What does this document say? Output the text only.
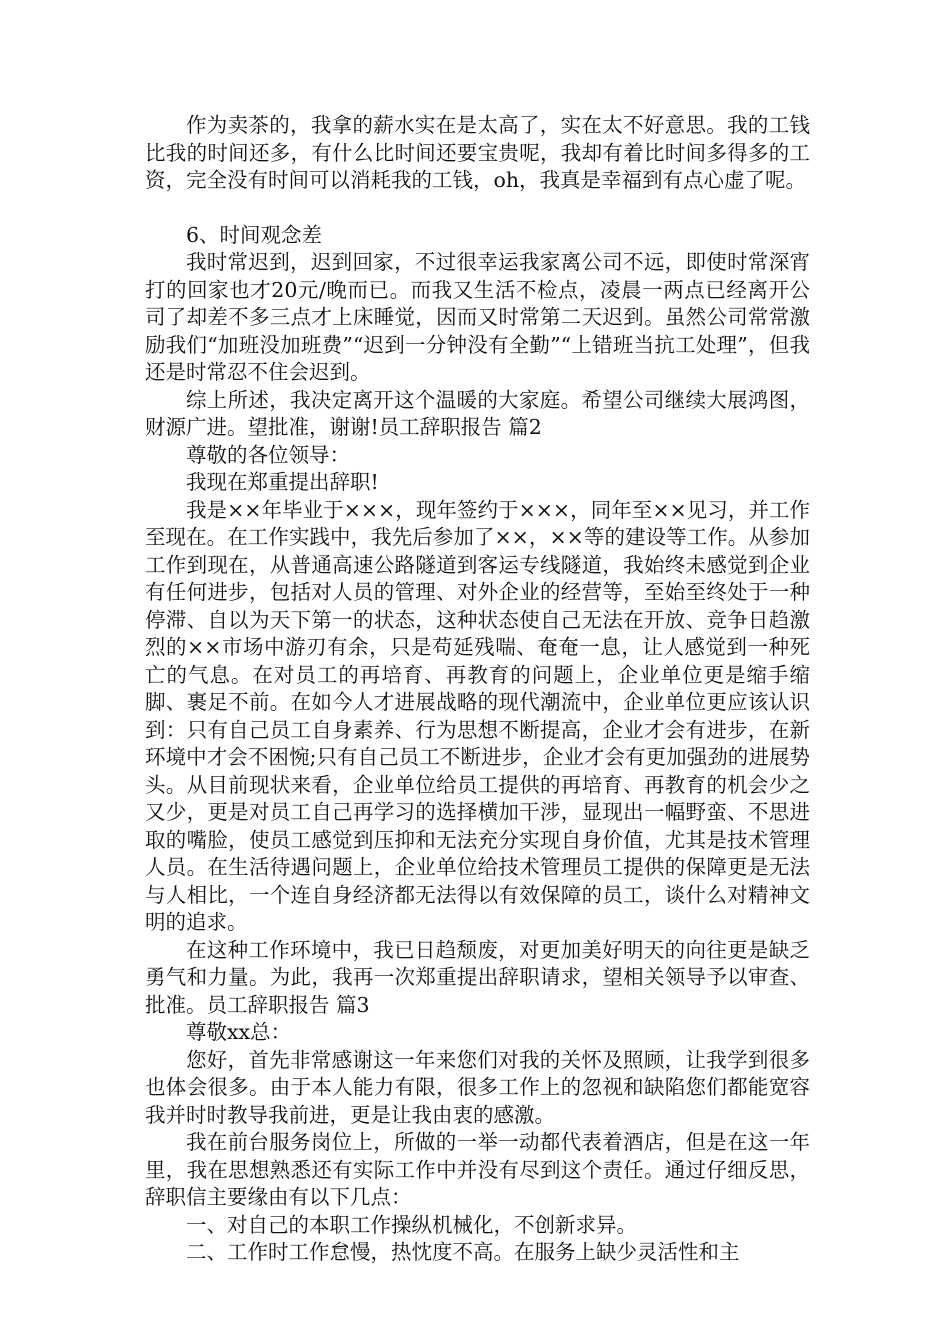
作为卖茶的，我拿的薪水实在是太高了，实在太不好意思。我的工钱比我的时间还多，有什么比时间还要宝贵呢，我却有着比时间多得多的工资，完全没有时间可以消耗我的工钱，oh，我真是幸福到有点心虚了呢。

6、时间观念差

我时常迟到，迟到回家，不过很幸运我家离公司不远，即使时常深宵打的回家也才20元/晚而已。而我又生活不检点，凌晨一两点已经离开公司了却差不多三点才上床睡觉，因而又时常第二天迟到。虽然公司常常激励我们“加班没加班费”“迟到一分钟没有全勤”“上错班当抗工处理”，但我还是时常忍不住会迟到。

综上所述，我决定离开这个温暖的大家庭。希望公司继续大展鸿图，财源广进。望批准，谢谢!员工辞职报告 篇2

尊敬的各位领导：

我现在郑重提出辞职!

我是××年毕业于×××，现年签约于×××，同年至××见习，并工作至现在。在工作实践中，我先后参加了××，××等的建设等工作。从参加工作到现在，从普通高速公路隧道到客运专线隧道，我始终未感觉到企业有任何进步，包括对人员的管理、对外企业的经营等，至始至终处于一种停滞、自以为天下第一的状态，这种状态使自己无法在开放、竞争日趋激烈的××市场中游刃有余，只是苟延残喘、奄奄一息，让人感觉到一种死亡的气息。在对员工的再培育、再教育的问题上，企业单位更是缩手缩脚、裹足不前。在如今人才进展战略的现代潮流中，企业单位更应该认识到：只有自己员工自身素养、行为思想不断提高，企业才会有进步，在新环境中才会不困惋;只有自己员工不断进步，企业才会有更加强劲的进展势头。从目前现状来看，企业单位给员工提供的再培育、再教育的机会少之又少，更是对员工自己再学习的选择横加干涉，显现出一幅野蛮、不思进取的嘴脸，使员工感觉到压抑和无法充分实现自身价值，尤其是技术管理人员。在生活待遇问题上，企业单位给技术管理员工提供的保障更是无法与人相比，一个连自身经济都无法得以有效保障的员工，谈什么对精神文明的追求。

在这种工作环境中，我已日趋颓废，对更加美好明天的向往更是缺乏勇气和力量。为此，我再一次郑重提出辞职请求，望相关领导予以审查、批准。员工辞职报告 篇3

尊敬xx总：

您好，首先非常感谢这一年来您们对我的关怀及照顾，让我学到很多也体会很多。由于本人能力有限，很多工作上的忽视和缺陷您们都能宽容我并时时教导我前进，更是让我由衷的感激。

我在前台服务岗位上，所做的一举一动都代表着酒店，但是在这一年里，我在思想熟悉还有实际工作中并没有尽到这个责任。通过仔细反思，辞职信主要缘由有以下几点：

一、对自己的本职工作操纵机械化，不创新求异。

二、工作时工作怠慢，热忱度不高。在服务上缺少灵活性和主
